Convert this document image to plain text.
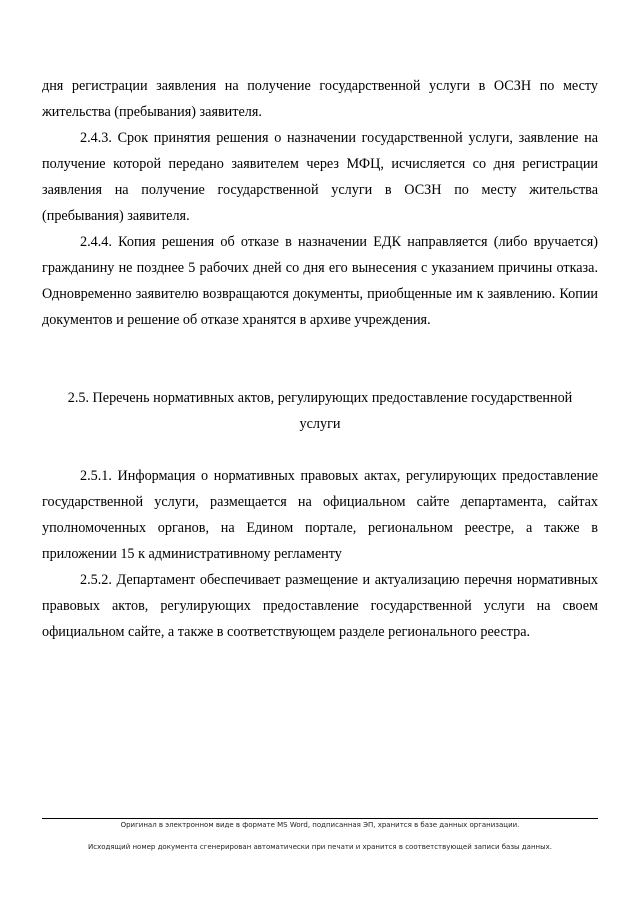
дня регистрации заявления на получение государственной услуги в ОСЗН по месту жительства (пребывания) заявителя.

2.4.3. Срок принятия решения о назначении государственной услуги, заявление на получение которой передано заявителем через МФЦ, исчисляется со дня регистрации заявления на получение государственной услуги в ОСЗН по месту жительства (пребывания) заявителя.

2.4.4. Копия решения об отказе в назначении ЕДК направляется (либо вручается) гражданину не позднее 5 рабочих дней со дня его вынесения с указанием причины отказа. Одновременно заявителю возвращаются документы, приобщенные им к заявлению. Копии документов и решение об отказе хранятся в архиве учреждения.

2.5. Перечень нормативных актов, регулирующих предоставление государственной
услуги

2.5.1. Информация о нормативных правовых актах, регулирующих предоставление государственной услуги, размещается на официальном сайте департамента, сайтах уполномоченных органов, на Едином портале, региональном реестре, а также в приложении 15 к административному регламенту

2.5.2. Департамент обеспечивает размещение и актуализацию перечня нормативных правовых актов, регулирующих предоставление государственной услуги на своем официальном сайте, а также в соответствующем разделе регионального реестра.

Оригинал в электронном виде в формате MS Word, подписанная ЭП, хранится в базе данных организации.

Исходящий номер документа сгенерирован автоматически при печати и хранится в соответствующей записи базы данных.
